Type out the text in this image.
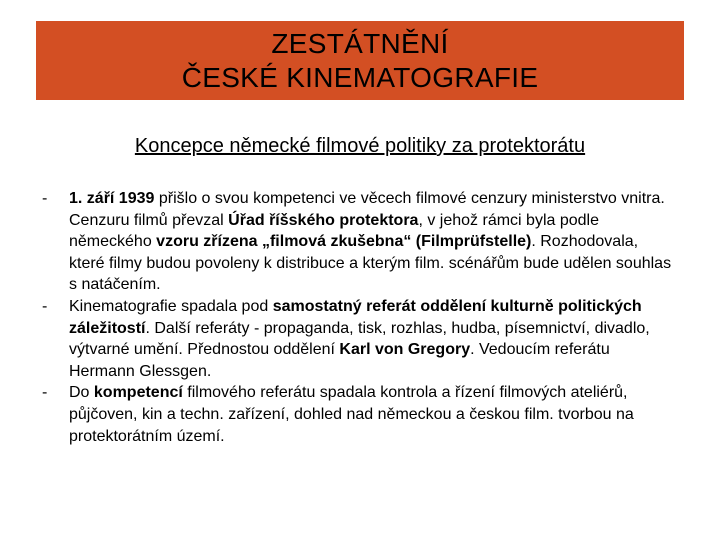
ZESTÁTNĚNÍ
ČESKÉ KINEMATOGRAFIE
Koncepce německé filmové politiky za protektorátu
-	1. září 1939 přišlo o svou kompetenci ve věcech filmové cenzury ministerstvo vnitra. Cenzuru filmů převzal Úřad říšského protektora, v jehož rámci byla podle německého vzoru zřízena „filmová zkušebna“ (Filmprüfstelle). Rozhodovala, které filmy budou povoleny k distribuce a kterým film. scénářům bude udělen souhlas s natáčením.
-	Kinematografie spadala pod samostatný referát oddělení kulturně politických záležitostí. Další referáty - propaganda, tisk, rozhlas, hudba, písemnictví, divadlo, výtvarné umění. Přednostou oddělení Karl von Gregory. Vedoucím referátu Hermann Glessgen.
-	Do kompetencí filmového referátu spadala kontrola a řízení filmových ateliérů, půjčoven, kin a techn. zařízení, dohled nad německou a českou film. tvorbou na protektorátním území.
